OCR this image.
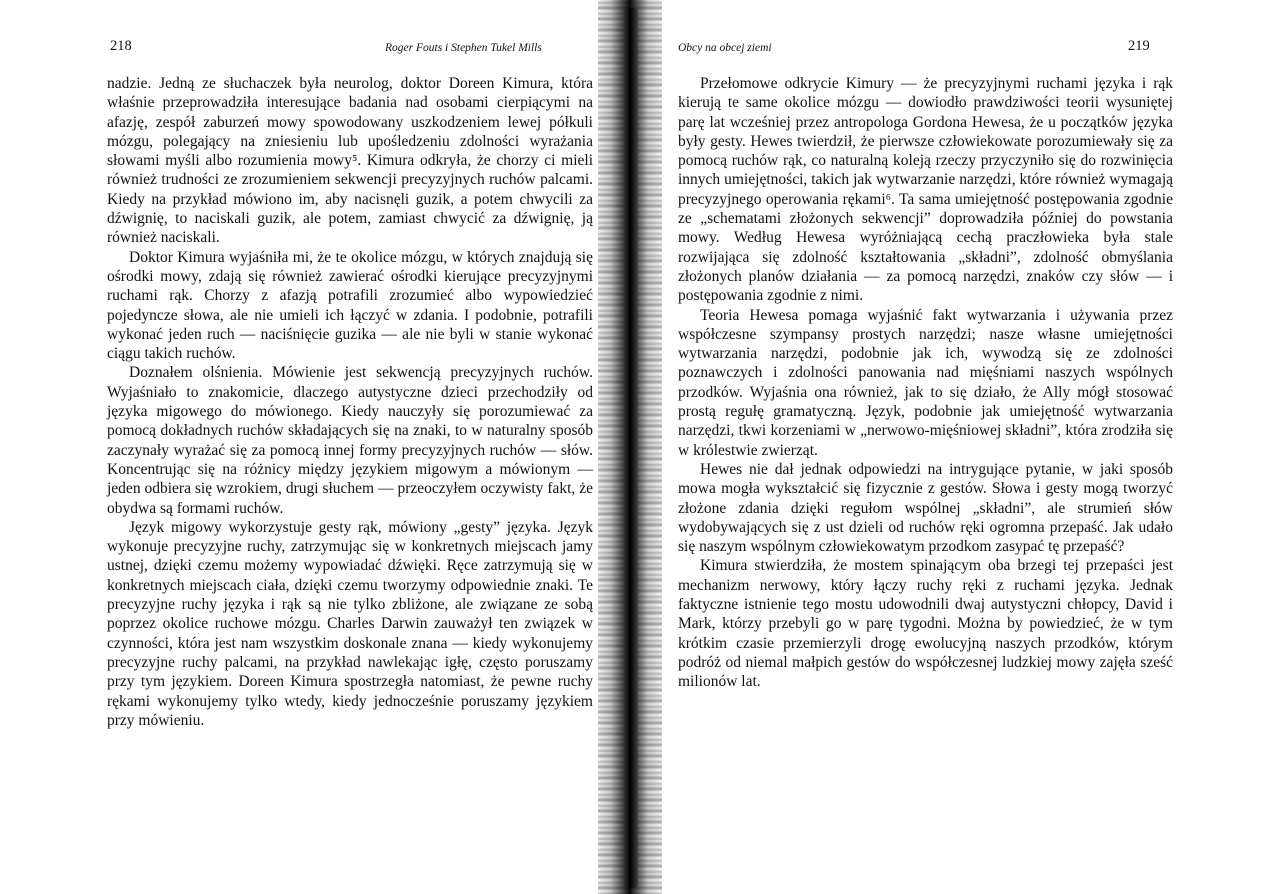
218	Roger Fouts i Stephen Tukel Mills

nadzie. Jedną ze słuchaczek była neurolog, doktor Doreen Kimura, która właśnie przeprowadziła interesujące badania nad osobami cierpiącymi na afazję, zespół zaburzeń mowy spowodowany uszkodzeniem lewej półkuli mózgu, polegający na zniesieniu lub upośledzeniu zdolności wyrażania słowami myśli albo rozumienia mowy⁵. Kimura odkryła, że chorzy ci mieli również trudności ze zrozumieniem sekwencji precyzyjnych ruchów palcami. Kiedy na przykład mówiono im, aby nacisnęli guzik, a potem chwycili za dźwignię, to naciskali guzik, ale potem, zamiast chwycić za dźwignię, ją również naciskali.

Doktor Kimura wyjaśniła mi, że te okolice mózgu, w których znajdują się ośrodki mowy, zdają się również zawierać ośrodki kierujące precyzyjnymi ruchami rąk. Chorzy z afazją potrafili zrozumieć albo wypowiedzieć pojedyncze słowa, ale nie umieli ich łączyć w zdania. I podobnie, potrafili wykonać jeden ruch — naciśnięcie guzika — ale nie byli w stanie wykonać ciągu takich ruchów.

Doznałem olśnienia. Mówienie jest sekwencją precyzyjnych ruchów. Wyjaśniało to znakomicie, dlaczego autystyczne dzieci przechodziły od języka migowego do mówionego. Kiedy nauczyły się porozumiewać za pomocą dokładnych ruchów składających się na znaki, to w naturalny sposób zaczynały wyrażać się za pomocą innej formy precyzyjnych ruchów — słów. Koncentrując się na różnicy między językiem migowym a mówionym — jeden odbiera się wzrokiem, drugi słuchem — przeoczyłem oczywisty fakt, że obydwa są formami ruchów.

Język migowy wykorzystuje gesty rąk, mówiony „gesty” języka. Język wykonuje precyzyjne ruchy, zatrzymując się w konkretnych miejscach jamy ustnej, dzięki czemu możemy wypowiadać dźwięki. Ręce zatrzymują się w konkretnych miejscach ciała, dzięki czemu tworzymy odpowiednie znaki. Te precyzyjne ruchy języka i rąk są nie tylko zbliżone, ale związane ze sobą poprzez okolice ruchowe mózgu. Charles Darwin zauważył ten związek w czynności, która jest nam wszystkim doskonale znana — kiedy wykonujemy precyzyjne ruchy palcami, na przykład nawlekając igłę, często poruszamy przy tym językiem. Doreen Kimura spostrzegła natomiast, że pewne ruchy rękami wykonujemy tylko wtedy, kiedy jednocześnie poruszamy językiem przy mówieniu.

Obcy na obcej ziemi	219

Przełomowe odkrycie Kimury — że precyzyjnymi ruchami języka i rąk kierują te same okolice mózgu — dowiodło prawdziwości teorii wysuniętej parę lat wcześniej przez antropologa Gordona Hewesa, że u początków języka były gesty. Hewes twierdził, że pierwsze człowiekowate porozumiewały się za pomocą ruchów rąk, co naturalną koleją rzeczy przyczyniło się do rozwinięcia innych umiejętności, takich jak wytwarzanie narzędzi, które również wymagają precyzyjnego operowania rękami⁶. Ta sama umiejętność postępowania zgodnie ze „schematami złożonych sekwencji” doprowadziła później do powstania mowy. Według Hewesa wyróżniającą cechą praczłowieka była stale rozwijająca się zdolność kształtowania „składni”, zdolność obmyślania złożonych planów działania — za pomocą narzędzi, znaków czy słów — i postępowania zgodnie z nimi.

Teoria Hewesa pomaga wyjaśnić fakt wytwarzania i używania przez współczesne szympansy prostych narzędzi; nasze własne umiejętności wytwarzania narzędzi, podobnie jak ich, wywodzą się ze zdolności poznawczych i zdolności panowania nad mięśniami naszych wspólnych przodków. Wyjaśnia ona również, jak to się działo, że Ally mógł stosować prostą regułę gramatyczną. Język, podobnie jak umiejętność wytwarzania narzędzi, tkwi korzeniami w „nerwowo-mięśniowej składni”, która zrodziła się w królestwie zwierząt.

Hewes nie dał jednak odpowiedzi na intrygujące pytanie, w jaki sposób mowa mogła wykształcić się fizycznie z gestów. Słowa i gesty mogą tworzyć złożone zdania dzięki regułom wspólnej „składni”, ale strumień słów wydobywających się z ust dzieli od ruchów ręki ogromna przepaść. Jak udało się naszym wspólnym człowiekowatym przodkom zasypać tę przepaść?

Kimura stwierdziła, że mostem spinającym oba brzegi tej przepaści jest mechanizm nerwowy, który łączy ruchy ręki z ruchami języka. Jednak faktyczne istnienie tego mostu udowodnili dwaj autystyczni chłopcy, David i Mark, którzy przebyli go w parę tygodni. Można by powiedzieć, że w tym krótkim czasie przemierzyli drogę ewolucyjną naszych przodków, którym podróż od niemal małpich gestów do współczesnej ludzkiej mowy zajęła sześć milionów lat.
